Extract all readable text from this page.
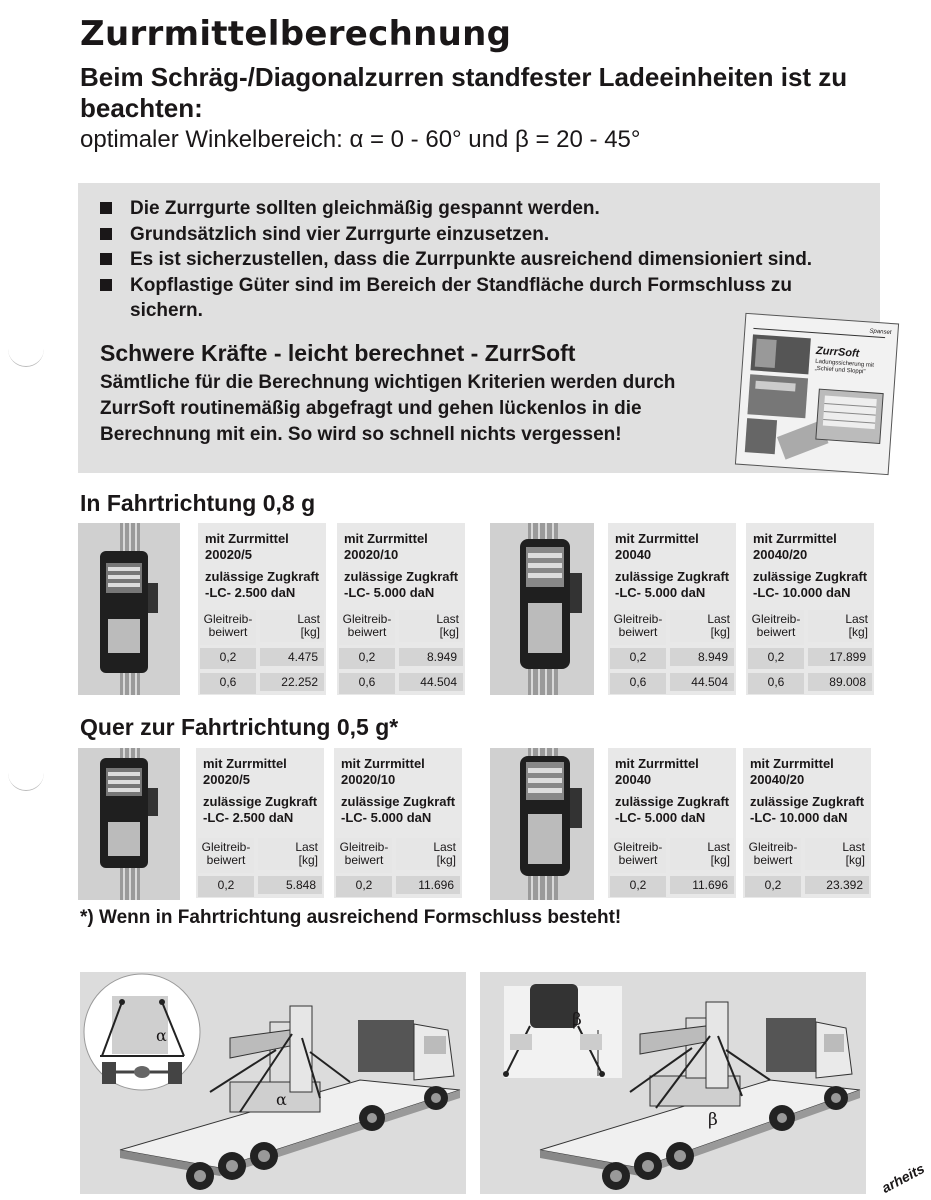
Zurrmittelberechnung
Beim Schräg-/Diagonalzurren standfester Ladeeinheiten ist zu beachten:
optimaler Winkelbereich: α = 0 - 60° und β = 20 - 45°
Die Zurrgurte sollten gleichmäßig gespannt werden.
Grundsätzlich sind vier Zurrgurte einzusetzen.
Es ist sicherzustellen, dass die Zurrpunkte ausreichend dimensioniert sind.
Kopflastige Güter sind im Bereich der Standfläche durch Formschluss zu sichern.
Schwere Kräfte - leicht berechnet - ZurrSoft
Sämtliche für die Berechnung wichtigen Kriterien werden durch ZurrSoft routinemäßig abgefragt und gehen lückenlos in die Berechnung mit ein. So wird so schnell nichts vergessen!
Spanset
ZurrSoft
Ladungssicherung mit „Schief und Sloppi"
In Fahrtrichtung 0,8 g
mit Zurrmittel
20020/5
zulässige Zugkraft
-LC- 2.500 daN
Gleitreib-
beiwert
Last
[kg]
0,2	4.475
0,6	22.252
mit Zurrmittel
20020/10
zulässige Zugkraft
-LC- 5.000 daN
Gleitreib-
beiwert
Last
[kg]
0,2	8.949
0,6	44.504
mit Zurrmittel
20040
zulässige Zugkraft
-LC- 5.000 daN
Gleitreib-
beiwert
Last
[kg]
0,2	8.949
0,6	44.504
mit Zurrmittel
20040/20
zulässige Zugkraft
-LC- 10.000 daN
Gleitreib-
beiwert
Last
[kg]
0,2	17.899
0,6	89.008
Quer zur Fahrtrichtung 0,5 g*
mit Zurrmittel
20020/5
zulässige Zugkraft
-LC- 2.500 daN
Gleitreib-
beiwert
Last
[kg]
0,2	5.848
mit Zurrmittel
20020/10
zulässige Zugkraft
-LC- 5.000 daN
Gleitreib-
beiwert
Last
[kg]
0,2	11.696
mit Zurrmittel
20040
zulässige Zugkraft
-LC- 5.000 daN
Gleitreib-
beiwert
Last
[kg]
0,2	11.696
mit Zurrmittel
20040/20
zulässige Zugkraft
-LC- 10.000 daN
Gleitreib-
beiwert
Last
[kg]
0,2	23.392
*) Wenn in Fahrtrichtung ausreichend Formschluss besteht!
α
α
β
β
arheits
